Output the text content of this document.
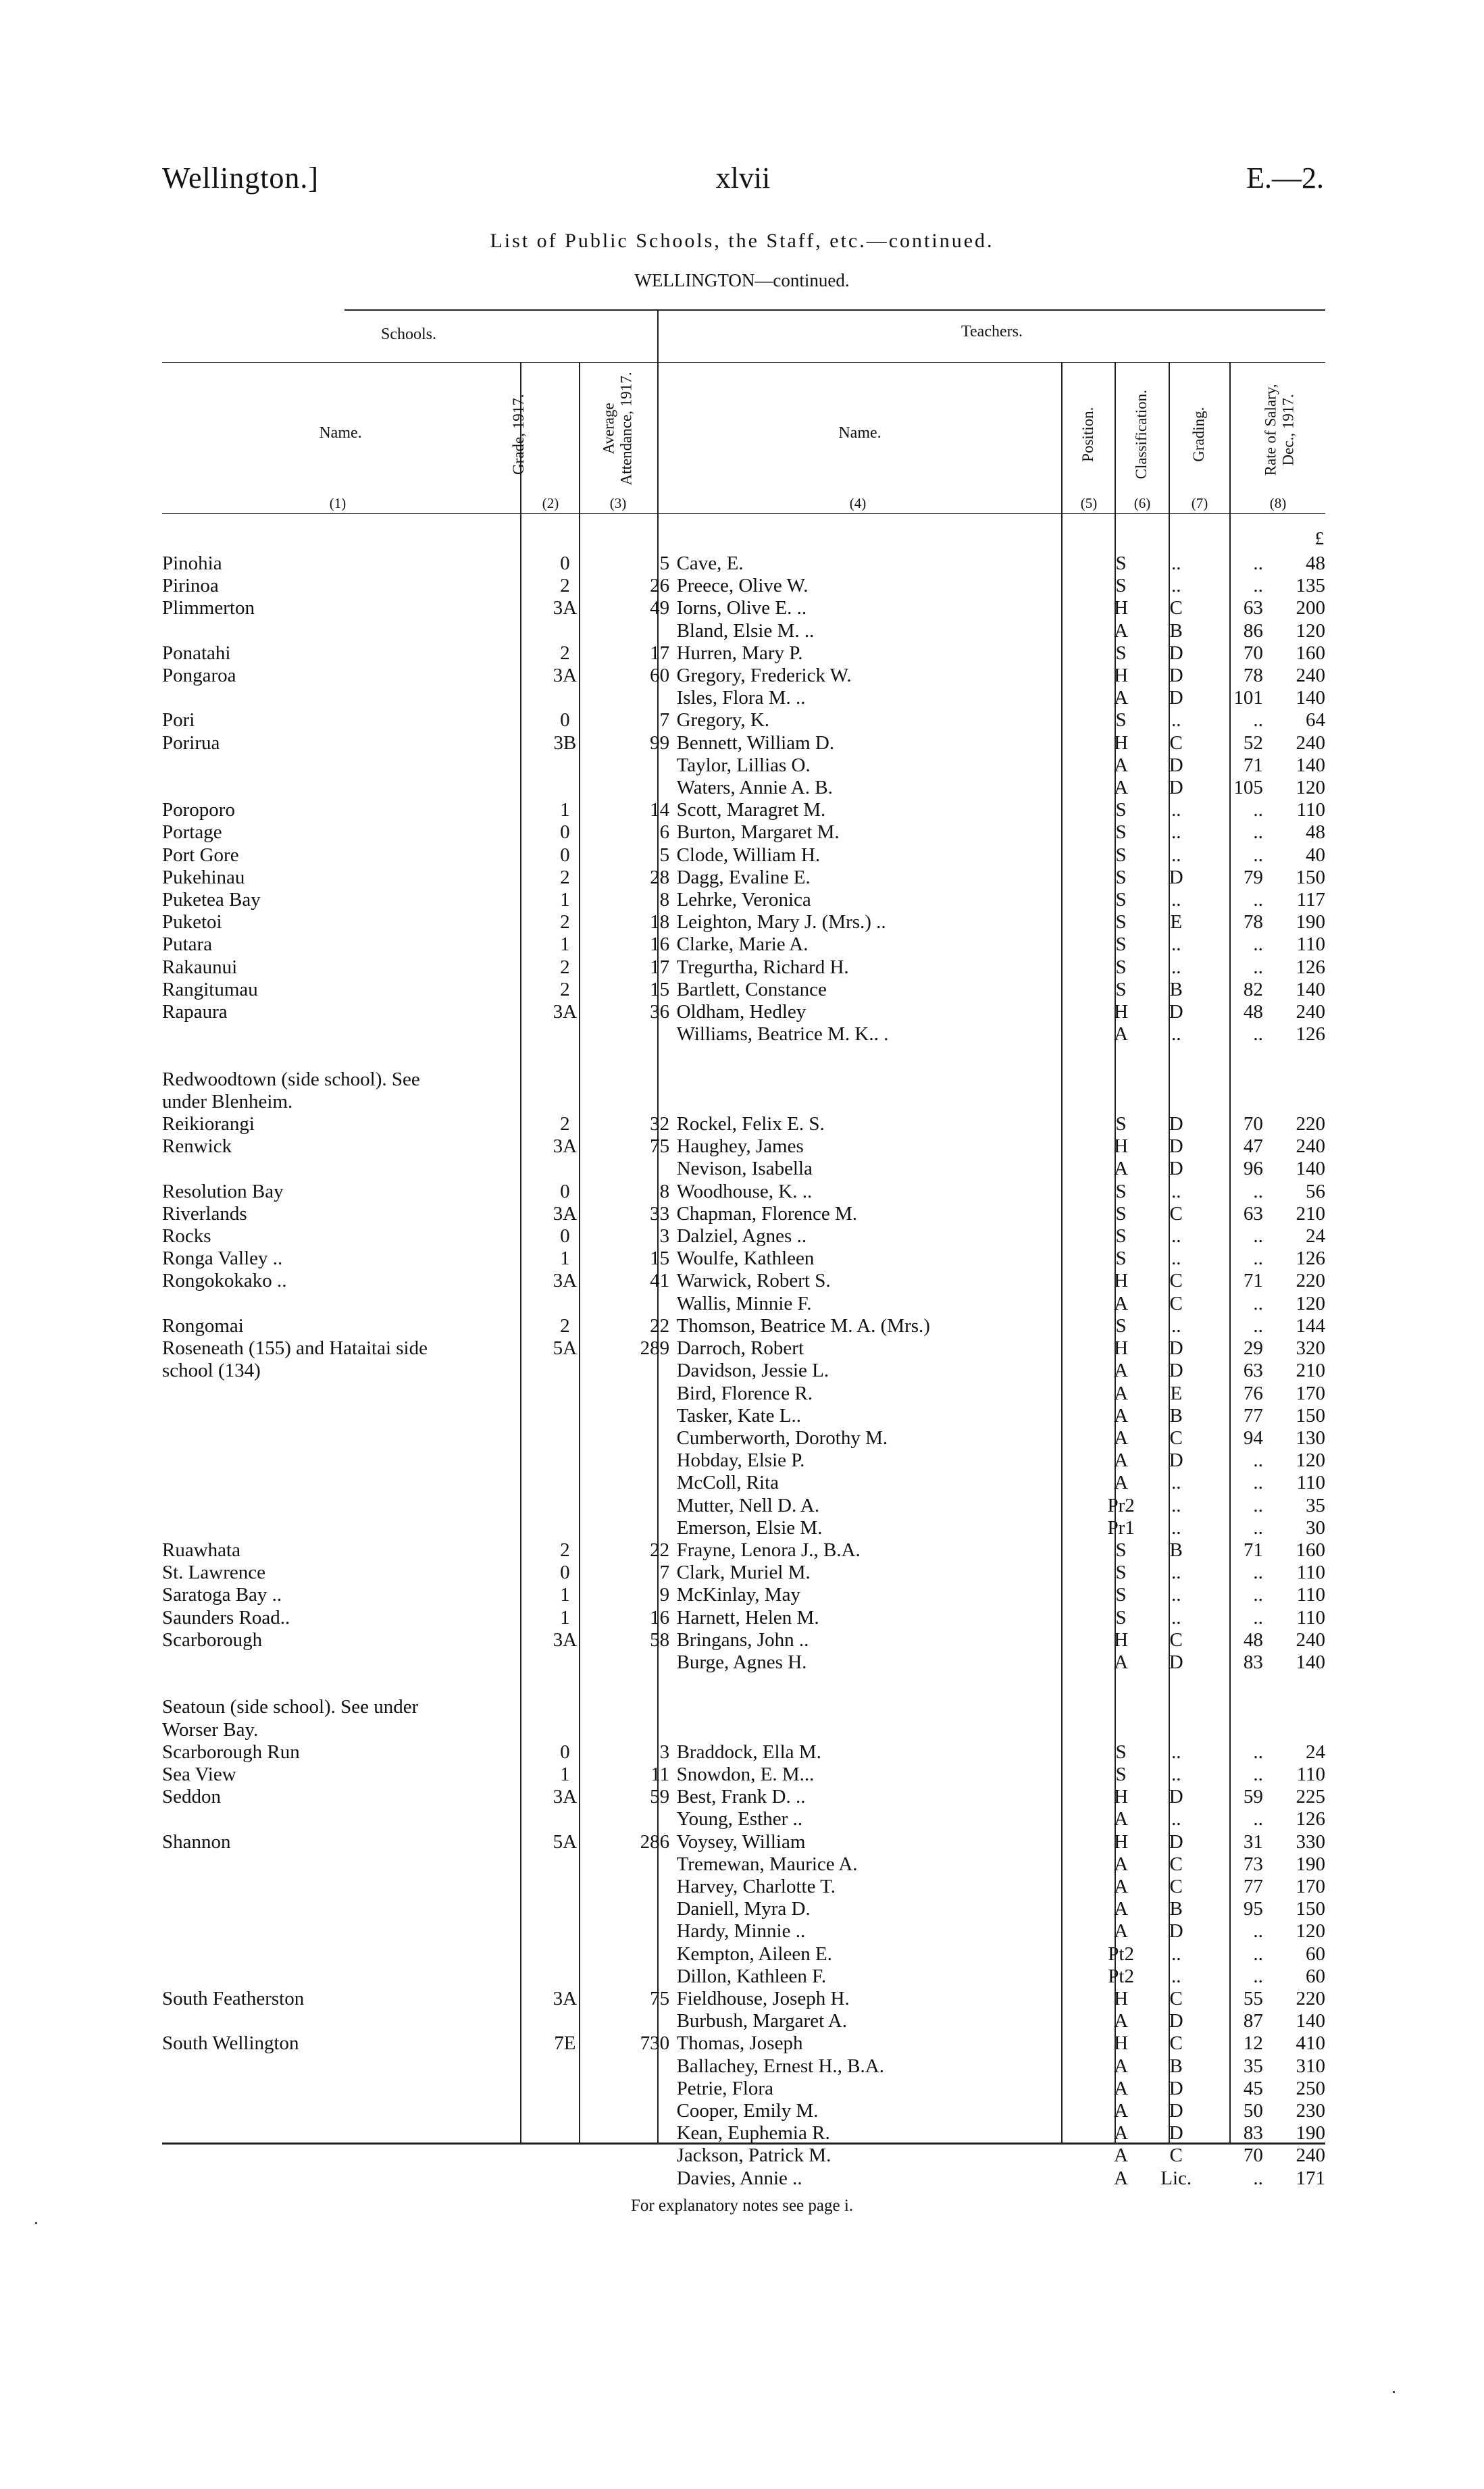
Wellington.]	xlvii	E.—2.
List of Public Schools, the Staff, etc.—continued.
WELLINGTON—continued.
Schools.	Teachers.
Name.	Name.
Grade, 1917.	Average Attendance, 1917.	Position. Classification.	Grading.	Rate of Salary, Dec., 1917.
(1)	(2)	(3)	(4)	(5)	(6)	(7)	(8)
£
Pinohia	0	5		Cave, E.	S	..	..	48
Pirinoa	2	26		Preece, Olive W.	S	..	..	135
Plimmerton	3A	49		Iorns, Olive E. ..	H	C	63	200
				Bland, Elsie M. ..	A	B	86	120
Ponatahi	2	17		Hurren, Mary P.	S	D	70	160
Pongaroa	3A	60		Gregory, Frederick W.	H	D	78	240
				Isles, Flora M. ..	A	D	101	140
Pori	0	7		Gregory, K.	S	..	..	64
Porirua	3B	99		Bennett, William D.	H	C	52	240
				Taylor, Lillias O.	A	D	71	140
				Waters, Annie A. B.	A	D	105	120
Poroporo	1	14		Scott, Maragret M.	S	..	..	110
Portage	0	6		Burton, Margaret M.	S	..	..	48
Port Gore	0	5		Clode, William H.	S	..	..	40
Pukehinau	2	28		Dagg, Evaline E.	S	D	79	150
Puketea Bay	1	8		Lehrke, Veronica	S	..	..	117
Puketoi	2	18		Leighton, Mary J. (Mrs.) ..	S	E	78	190
Putara	1	16		Clarke, Marie A.	S	..	..	110
Rakaunui	2	17		Tregurtha, Richard H.	S	..	..	126
Rangitumau	2	15		Bartlett, Constance	S	B	82	140
Rapaura	3A	36		Oldham, Hedley	H	D	48	240
				Williams, Beatrice M. K.. .	A	..	..	126

Redwoodtown (side school). See								
under Blenheim.								
Reikiorangi	2	32		Rockel, Felix E. S.	S	D	70	220
Renwick	3A	75		Haughey, James	H	D	47	240
				Nevison, Isabella	A	D	96	140
Resolution Bay	0	8		Woodhouse, K. ..	S	..	..	56
Riverlands	3A	33		Chapman, Florence M.	S	C	63	210
Rocks	0	3		Dalziel, Agnes ..	S	..	..	24
Ronga Valley ..	1	15		Woulfe, Kathleen	S	..	..	126
Rongokokako ..	3A	41		Warwick, Robert S.	H	C	71	220
				Wallis, Minnie F.	A	C	..	120
Rongomai	2	22		Thomson, Beatrice M. A. (Mrs.)	S	..	..	144
Roseneath (155) and Hataitai side	5A	289		Darroch, Robert	H	D	29	320
school (134)				Davidson, Jessie L.	A	D	63	210
				Bird, Florence R.	A	E	76	170
				Tasker, Kate L..	A	B	77	150
				Cumberworth, Dorothy M.	A	C	94	130
				Hobday, Elsie P.	A	D	..	120
				McColl, Rita	A	..	..	110
				Mutter, Nell D. A.	Pr2	..	..	35
				Emerson, Elsie M.	Pr1	..	..	30
Ruawhata	2	22		Frayne, Lenora J., B.A.	S	B	71	160
St. Lawrence	0	7		Clark, Muriel M.	S	..	..	110
Saratoga Bay ..	1	9		McKinlay, May	S	..	..	110
Saunders Road..	1	16		Harnett, Helen M.	S	..	..	110
Scarborough	3A	58		Bringans, John ..	H	C	48	240
				Burge, Agnes H.	A	D	83	140

Seatoun (side school). See under								
Worser Bay.								
Scarborough Run	0	3		Braddock, Ella M.	S	..	..	24
Sea View	1	11		Snowdon, E. M...	S	..	..	110
Seddon	3A	59		Best, Frank D. ..	H	D	59	225
				Young, Esther ..	A	..	..	126
Shannon	5A	286		Voysey, William	H	D	31	330
				Tremewan, Maurice A.	A	C	73	190
				Harvey, Charlotte T.	A	C	77	170
				Daniell, Myra D.	A	B	95	150
				Hardy, Minnie ..	A	D	..	120
				Kempton, Aileen E.	Pt2	..	..	60
				Dillon, Kathleen F.	Pt2	..	..	60
South Featherston	3A	75		Fieldhouse, Joseph H.	H	C	55	220
				Burbush, Margaret A.	A	D	87	140
South Wellington	7E	730		Thomas, Joseph	H	C	12	410
				Ballachey, Ernest H., B.A.	A	B	35	310
				Petrie, Flora	A	D	45	250
				Cooper, Emily M.	A	D	50	230
				Kean, Euphemia R.	A	D	83	190
				Jackson, Patrick M.	A	C	70	240
				Davies, Annie ..	A	Lic.	..	171
For explanatory notes see page i.
